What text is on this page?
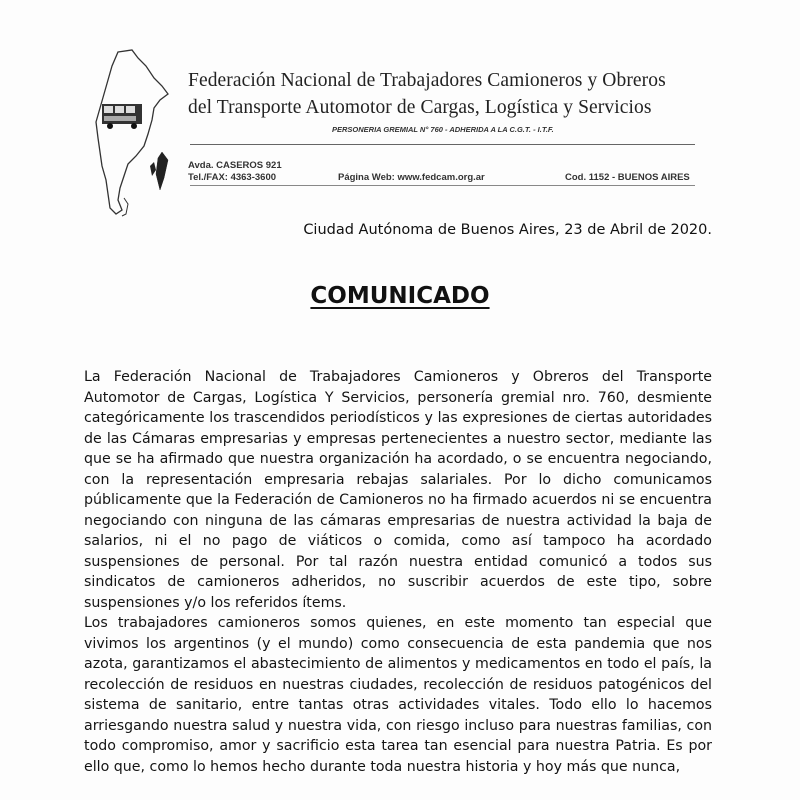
Federación Nacional de Trabajadores Camioneros y Obreros
del Transporte Automotor de Cargas, Logística y Servicios
PERSONERIA GREMIAL N° 760 - ADHERIDA A LA C.G.T. - I.T.F.
Avda. CASEROS 921
Tel./FAX: 4363-3600	Página Web: www.fedcam.org.ar	Cod. 1152 - BUENOS AIRES
Ciudad Autónoma de Buenos Aires, 23 de Abril de 2020.
COMUNICADO

La Federación Nacional de Trabajadores Camioneros y Obreros del Transporte Automotor de Cargas, Logística Y Servicios, personería gremial nro. 760, desmiente categóricamente los trascendidos periodísticos y las expresiones de ciertas autoridades de las Cámaras empresarias y empresas pertenecientes a nuestro sector, mediante las que se ha afirmado que nuestra organización ha acordado, o se encuentra negociando, con la representación empresaria rebajas salariales. Por lo dicho comunicamos públicamente que la Federación de Camioneros no ha firmado acuerdos ni se encuentra negociando con ninguna de las cámaras empresarias de nuestra actividad la baja de salarios, ni el no pago de viáticos o comida, como así tampoco ha acordado suspensiones de personal. Por tal razón nuestra entidad comunicó a todos sus sindicatos de camioneros adheridos, no suscribir acuerdos de este tipo, sobre suspensiones y/o los referidos ítems.

Los trabajadores camioneros somos quienes, en este momento tan especial que vivimos los argentinos (y el mundo) como consecuencia de esta pandemia que nos azota, garantizamos el abastecimiento de alimentos y medicamentos en todo el país, la recolección de residuos en nuestras ciudades, recolección de residuos patogénicos del sistema de sanitario, entre tantas otras actividades vitales. Todo ello lo hacemos arriesgando nuestra salud y nuestra vida, con riesgo incluso para nuestras familias, con todo compromiso, amor y sacrificio esta tarea tan esencial para nuestra Patria. Es por ello que, como lo hemos hecho durante toda nuestra historia y hoy más que nunca,
